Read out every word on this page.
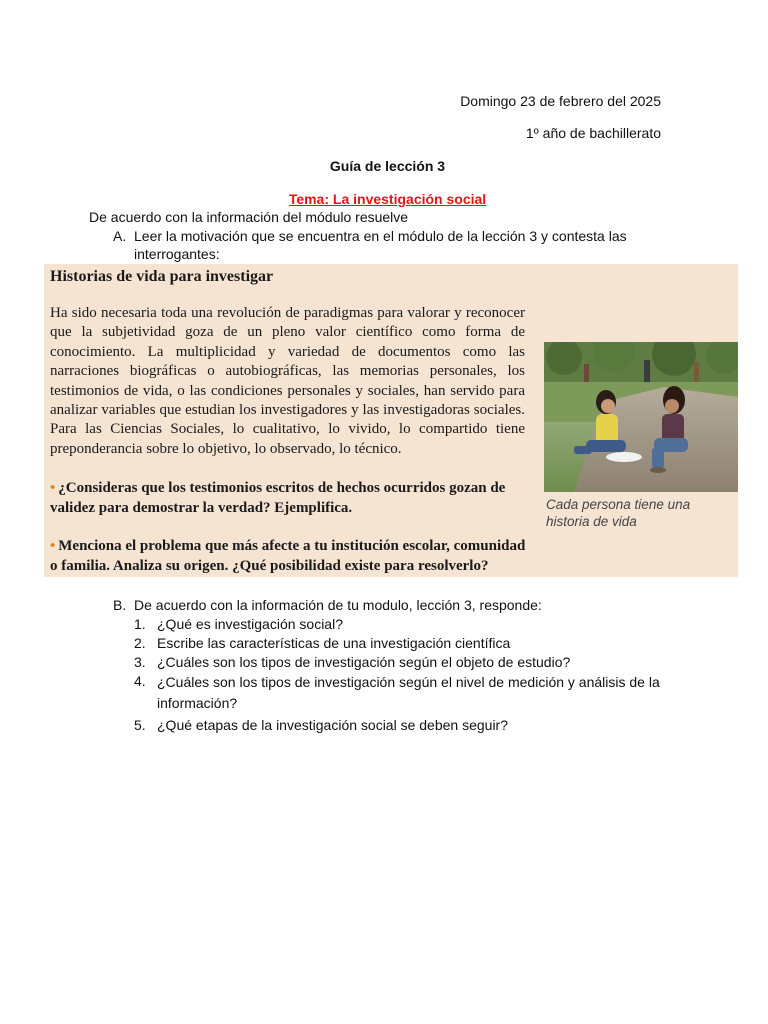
Domingo 23 de febrero del 2025
1º año de bachillerato
Guía de lección 3
Tema: La investigación social
De acuerdo con la información del módulo resuelve
A. Leer la motivación que se encuentra en el módulo de la lección 3 y contesta las interrogantes:
Historias de vida para investigar
Ha sido necesaria toda una revolución de paradigmas para valorar y reconocer que la subjetividad goza de un pleno valor científico como forma de conocimiento. La multiplicidad y variedad de documentos como las narraciones biográficas o autobiográficas, las memorias personales, los testimonios de vida, o las condiciones personales y sociales, han servido para analizar variables que estudian los investigadores y las investigadoras sociales. Para las Ciencias Sociales, lo cualitativo, lo vivido, lo compartido tiene preponderancia sobre lo objetivo, lo observado, lo técnico.
• ¿Consideras que los testimonios escritos de hechos ocurridos gozan de validez para demostrar la verdad? Ejemplifica.
• Menciona el problema que más afecte a tu institución escolar, comunidad o familia. Analiza su origen. ¿Qué posibilidad existe para resolverlo?
Cada persona tiene una historia de vida
B. De acuerdo con la información de tu modulo, lección 3, responde:
1. ¿Qué es investigación social?
2. Escribe las características de una investigación científica
3. ¿Cuáles son los tipos de investigación según el objeto de estudio?
4. ¿Cuáles son los tipos de investigación según el nivel de medición y análisis de la información?
5. ¿Qué etapas de la investigación social se deben seguir?
